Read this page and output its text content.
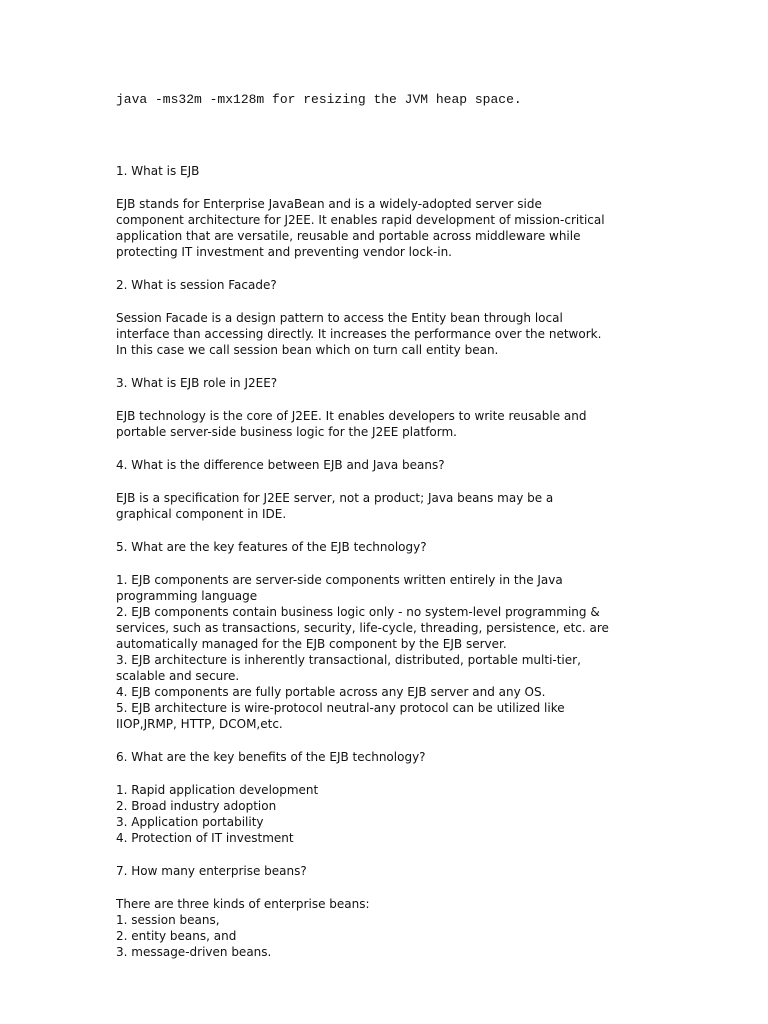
java -ms32m -mx128m for resizing the JVM heap space.
1. What is EJB
EJB stands for Enterprise JavaBean and is a widely-adopted server side
component architecture for J2EE. It enables rapid development of mission-critical
application that are versatile, reusable and portable across middleware while
protecting IT investment and preventing vendor lock-in.
2. What is session Facade?
Session Facade is a design pattern to access the Entity bean through local
interface than accessing directly. It increases the performance over the network.
In this case we call session bean which on turn call entity bean.
3. What is EJB role in J2EE?
EJB technology is the core of J2EE. It enables developers to write reusable and
portable server-side business logic for the J2EE platform.
4. What is the difference between EJB and Java beans?
EJB is a specification for J2EE server, not a product; Java beans may be a
graphical component in IDE.
5. What are the key features of the EJB technology?
1. EJB components are server-side components written entirely in the Java
programming language
2. EJB components contain business logic only - no system-level programming &
services, such as transactions, security, life-cycle, threading, persistence, etc. are
automatically managed for the EJB component by the EJB server.
3. EJB architecture is inherently transactional, distributed, portable multi-tier,
scalable and secure.
4. EJB components are fully portable across any EJB server and any OS.
5. EJB architecture is wire-protocol neutral-any protocol can be utilized like
IIOP,JRMP, HTTP, DCOM,etc.
6. What are the key benefits of the EJB technology?
1. Rapid application development
2. Broad industry adoption
3. Application portability
4. Protection of IT investment
7. How many enterprise beans?
There are three kinds of enterprise beans:
1. session beans,
2. entity beans, and
3. message-driven beans.
